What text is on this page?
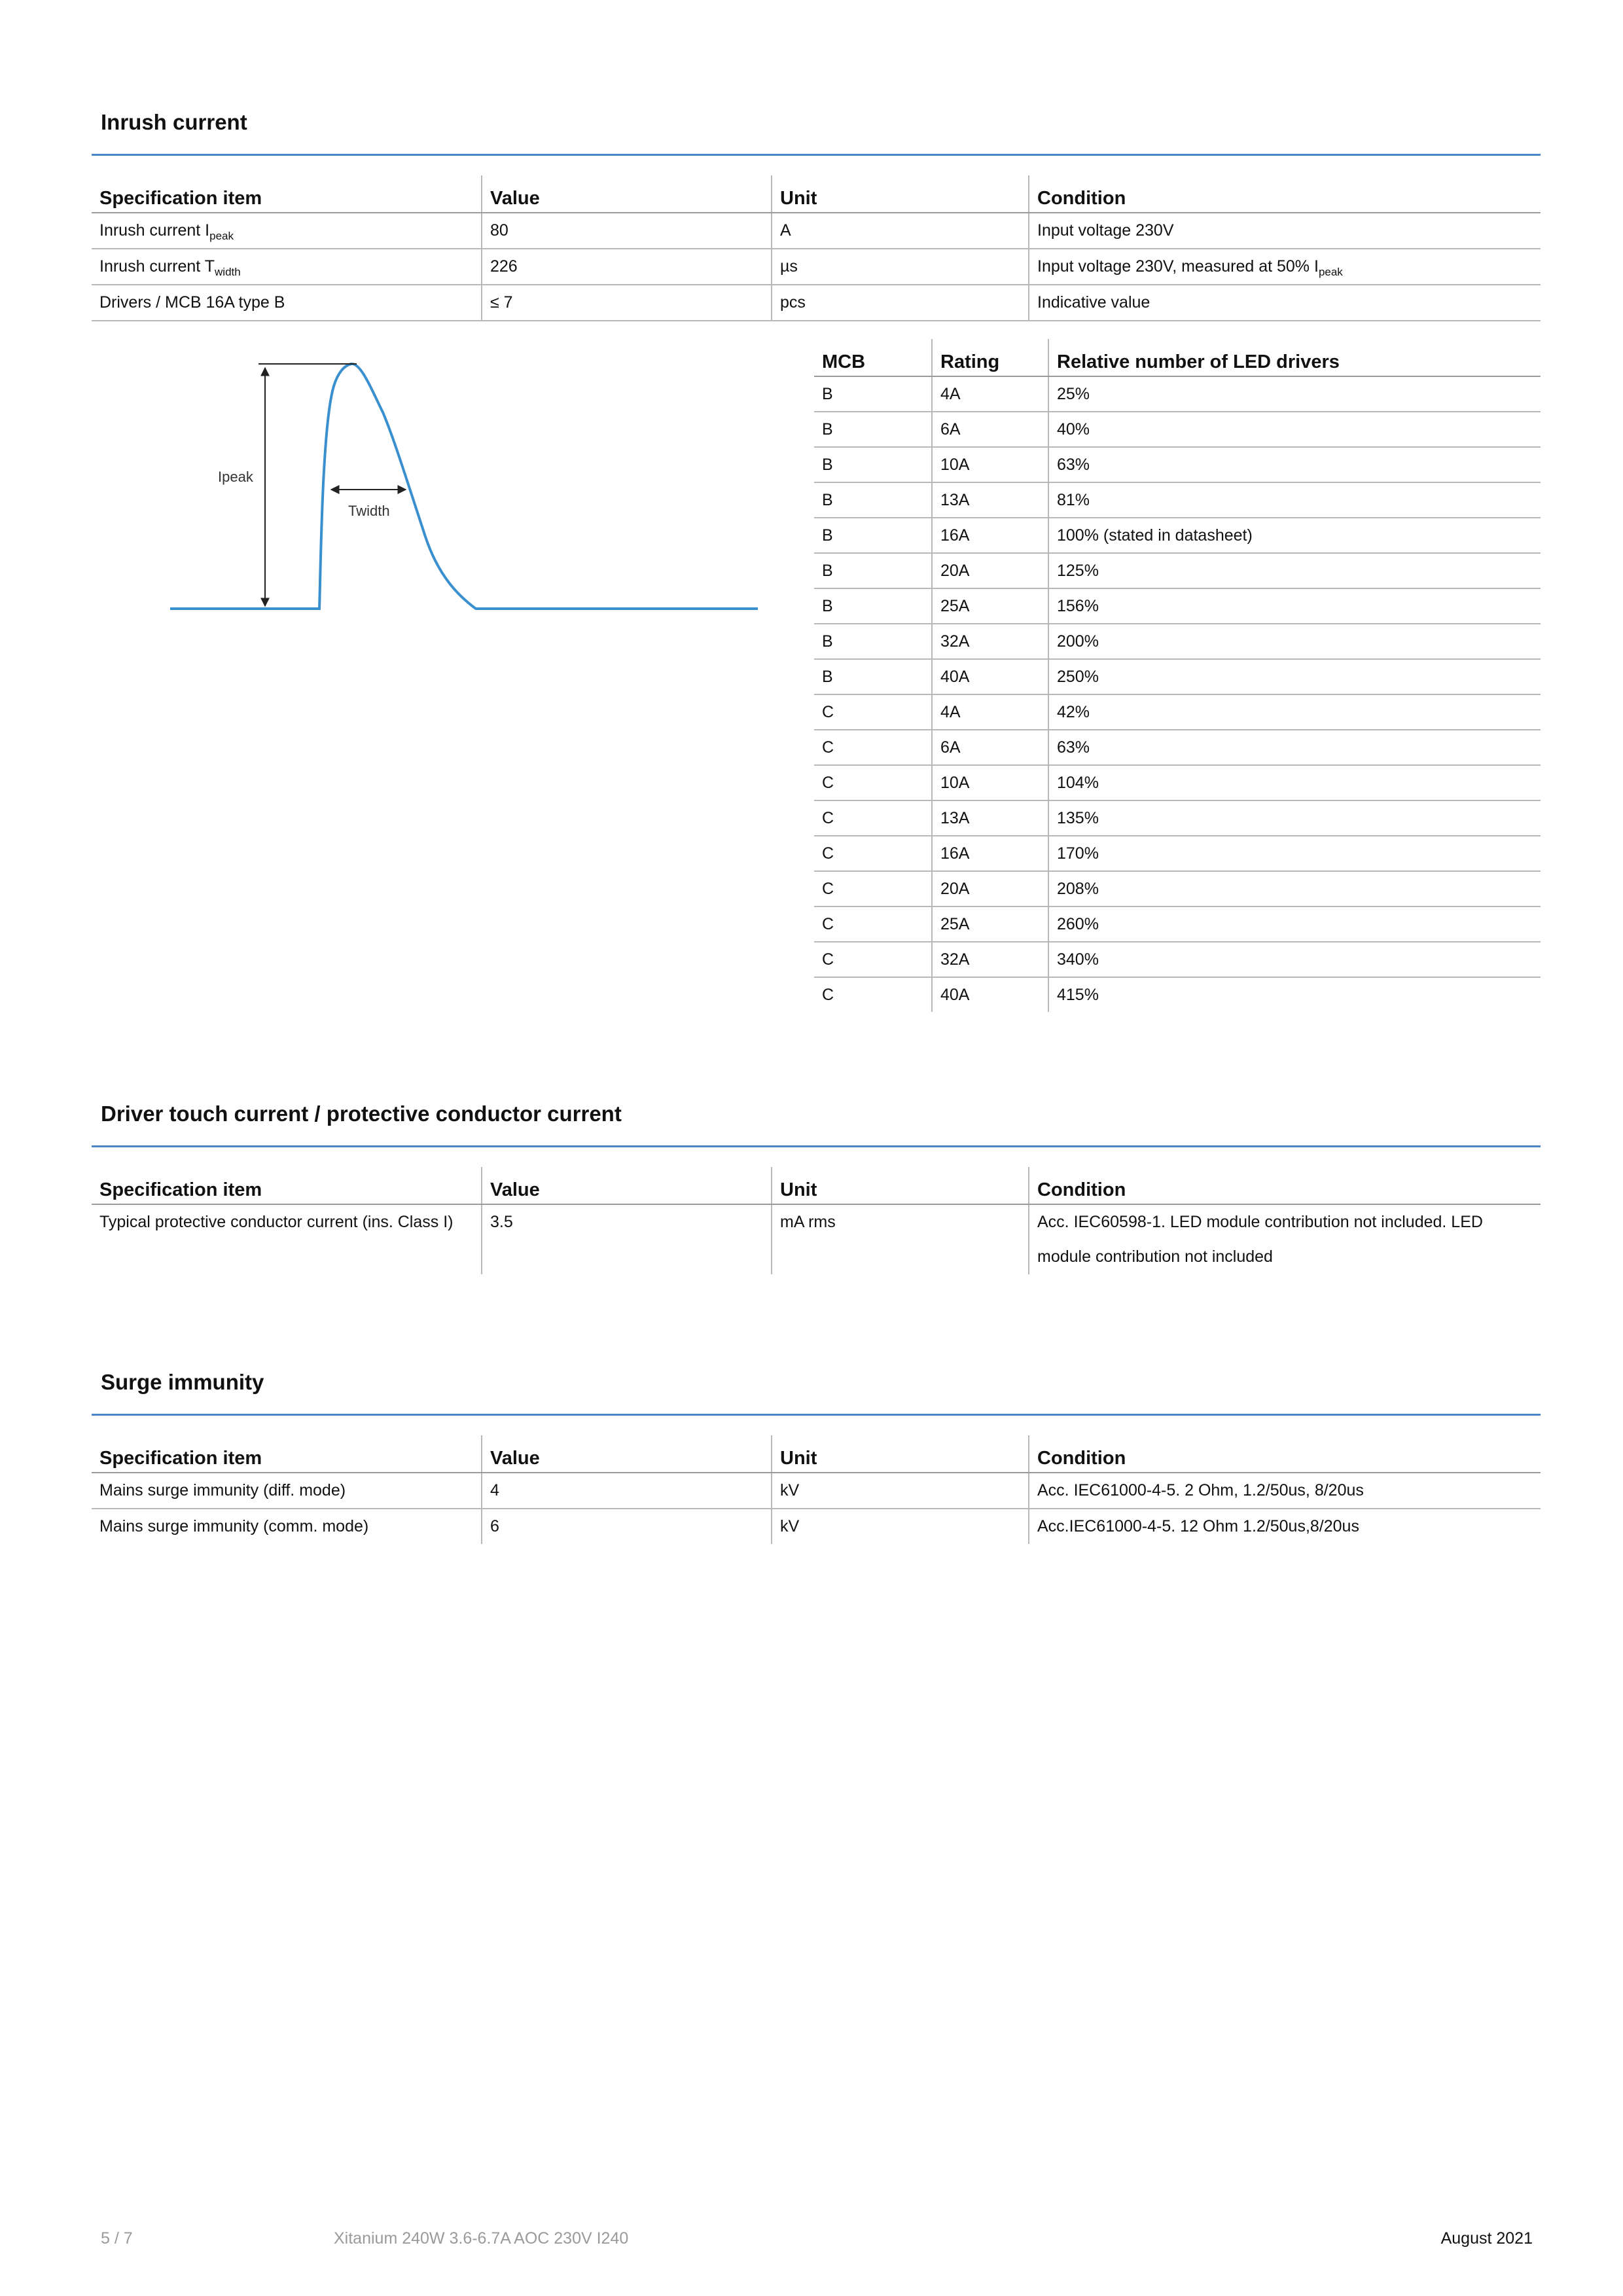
Inrush current
Specification item	Value	Unit	Condition
Inrush current $I_{peak}$	80	A	Input voltage 230V
Inrush current $T_{width}$	226	µs	Input voltage 230V, measured at 50% $I_{peak}$
Drivers / MCB 16A type B	≤ 7	pcs	Indicative value
Ipeak
Twidth
MCB	Rating	Relative number of LED drivers
B	4A	25%
B	6A	40%
B	10A	63%
B	13A	81%
B	16A	100% (stated in datasheet)
B	20A	125%
B	25A	156%
B	32A	200%
B	40A	250%
C	4A	42%
C	6A	63%
C	10A	104%
C	13A	135%
C	16A	170%
C	20A	208%
C	25A	260%
C	32A	340%
C	40A	415%
Driver touch current / protective conductor current
Specification item	Value	Unit	Condition
Typical protective conductor current (ins. Class I)	3.5	mA rms	Acc. IEC60598-1. LED module contribution not included. LED module contribution not included
Surge immunity
Specification item	Value	Unit	Condition
Mains surge immunity (diff. mode)	4	kV	Acc. IEC61000-4-5. 2 Ohm, 1.2/50us, 8/20us
Mains surge immunity (comm. mode)	6	kV	Acc.IEC61000-4-5. 12 Ohm 1.2/50us,8/20us
5 / 7	Xitanium 240W 3.6-6.7A AOC 230V I240	August 2021
